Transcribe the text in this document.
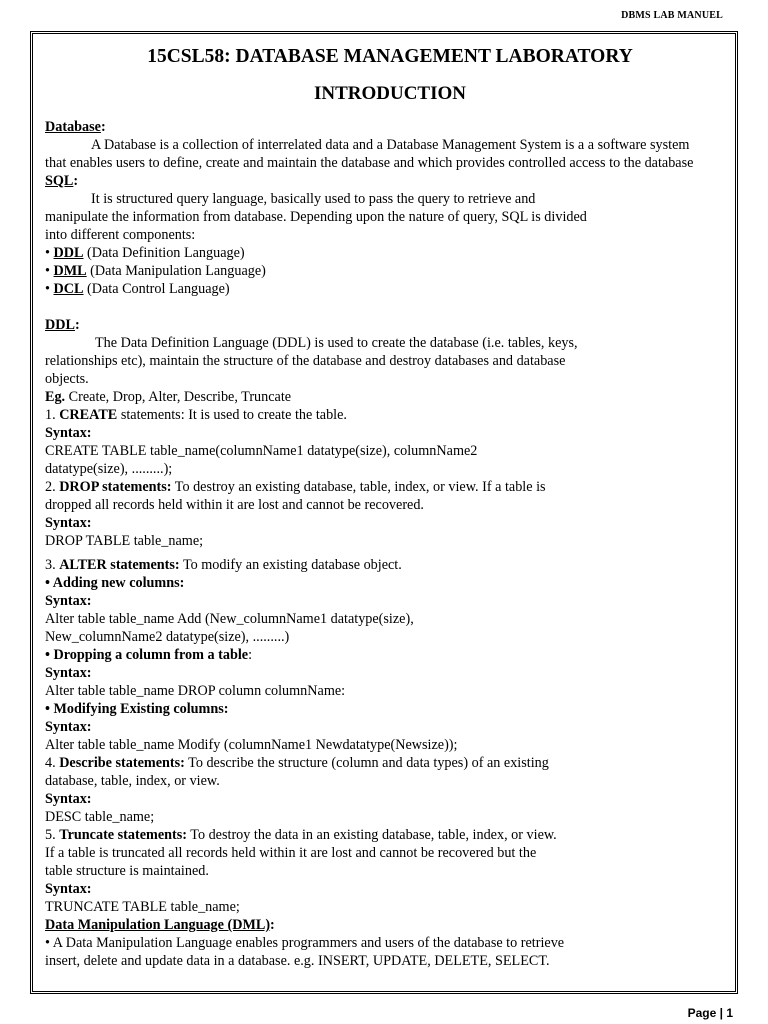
DBMS LAB MANUEL
15CSL58: DATABASE MANAGEMENT LABORATORY
INTRODUCTION
Database:
A Database is a collection of interrelated data and a Database Management System is a a software system
that enables users to define, create and maintain the database and which provides controlled access to the database
SQL:
It is structured query language, basically used to pass the query to retrieve and
manipulate the information from database. Depending upon the nature of query, SQL is divided
into different components:
• DDL (Data Definition Language)
• DML (Data Manipulation Language)
• DCL (Data Control Language)
DDL:
The Data Definition Language (DDL) is used to create the database (i.e. tables, keys,
relationships etc), maintain the structure of the database and destroy databases and database
objects.
Eg. Create, Drop, Alter, Describe, Truncate
1. CREATE statements: It is used to create the table.
Syntax:
CREATE TABLE table_name(columnName1 datatype(size), columnName2
datatype(size), .........);
2. DROP statements: To destroy an existing database, table, index, or view. If a table is
dropped all records held within it are lost and cannot be recovered.
Syntax:
DROP TABLE table_name;
3. ALTER statements: To modify an existing database object.
• Adding new columns:
Syntax:
Alter table table_name Add (New_columnName1 datatype(size),
New_columnName2 datatype(size), .........)
• Dropping a column from a table:
Syntax:
Alter table table_name DROP column columnName:
• Modifying Existing columns:
Syntax:
Alter table table_name Modify (columnName1 Newdatatype(Newsize));
4. Describe statements: To describe the structure (column and data types) of an existing
database, table, index, or view.
Syntax:
DESC table_name;
5. Truncate statements: To destroy the data in an existing database, table, index, or view.
If a table is truncated all records held within it are lost and cannot be recovered but the
table structure is maintained.
Syntax:
TRUNCATE TABLE table_name;
Data Manipulation Language (DML):
• A Data Manipulation Language enables programmers and users of the database to retrieve
insert, delete and update data in a database. e.g. INSERT, UPDATE, DELETE, SELECT.
Page | 1
